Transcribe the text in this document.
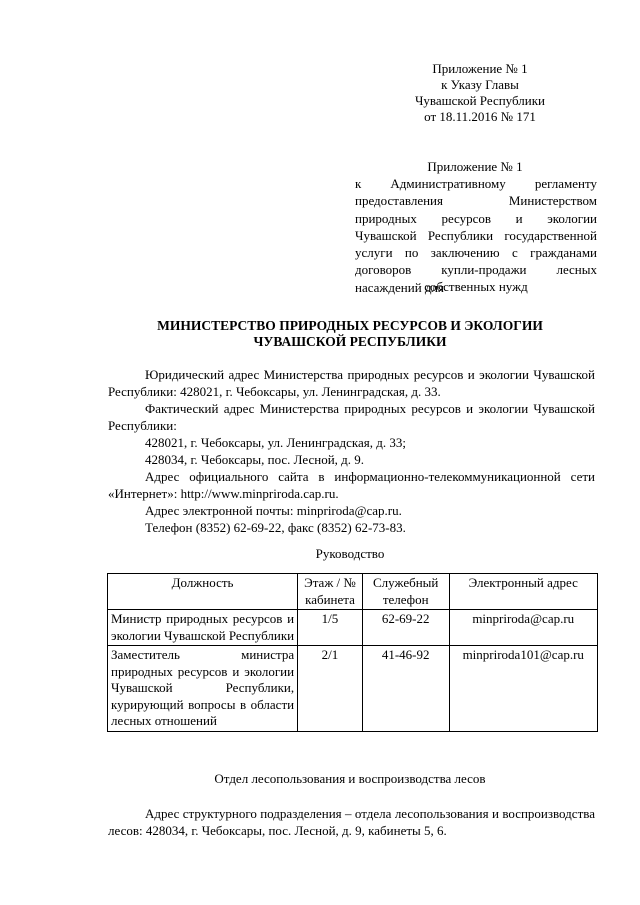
Приложение № 1
к Указу Главы
Чувашской Республики
от 18.11.2016 № 171
Приложение № 1
к Административному регламенту предоставления Министерством природных ресурсов и экологии Чувашской Республики государственной услуги по заключению с гражданами договоров купли-продажи лесных насаждений для
собственных нужд
МИНИСТЕРСТВО ПРИРОДНЫХ РЕСУРСОВ И ЭКОЛОГИИ
ЧУВАШСКОЙ РЕСПУБЛИКИ
Юридический адрес Министерства природных ресурсов и экологии Чувашской Республики: 428021, г. Чебоксары, ул. Ленинградская, д. 33.
Фактический адрес Министерства природных ресурсов и экологии Чувашской Республики:
428021, г. Чебоксары, ул. Ленинградская, д. 33;
428034, г. Чебоксары, пос. Лесной, д. 9.
Адрес официального сайта в информационно-телекоммуникационной сети «Интернет»: http://www.minpriroda.cap.ru.
Адрес электронной почты: minpriroda@cap.ru.
Телефон (8352) 62-69-22, факс (8352) 62-73-83.
Руководство
Должность	Этаж / № кабинета	Служебный телефон	Электронный адрес
Министр природных ресурсов и экологии Чувашской Республики	1/5	62-69-22	minpriroda@cap.ru
Заместитель министра природных ресурсов и экологии Чувашской Республики, курирующий вопросы в области лесных отношений	2/1	41-46-92	minpriroda101@cap.ru
Отдел лесопользования и воспроизводства лесов
Адрес структурного подразделения – отдела лесопользования и воспроизводства лесов: 428034, г. Чебоксары, пос. Лесной, д. 9, кабинеты 5, 6.
